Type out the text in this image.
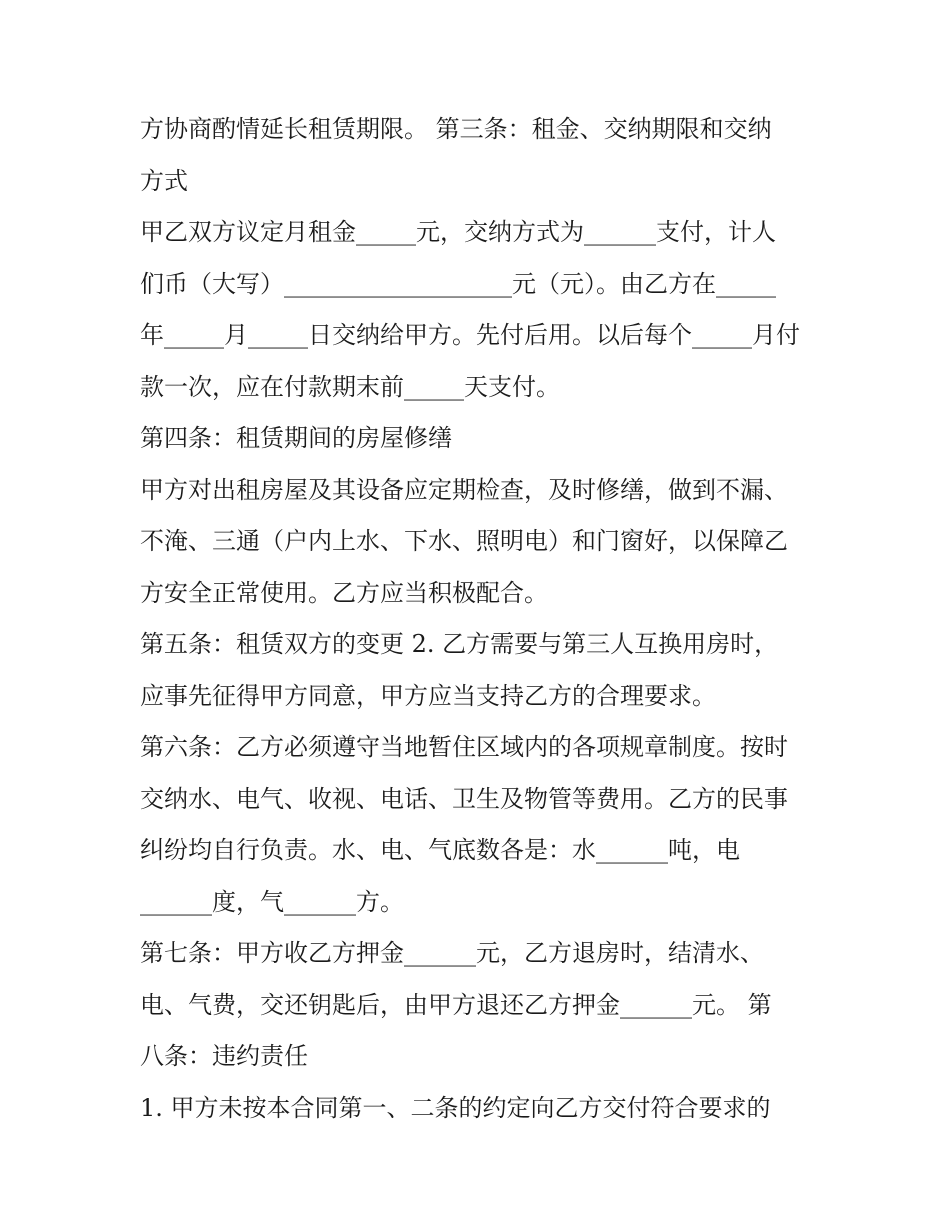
方协商酌情延长租赁期限。 第三条：租金、交纳期限和交纳
方式
甲乙双方议定月租金_____元，交纳方式为______支付，计人
们币（大写）___________________元（元）。由乙方在_____
年_____月_____日交纳给甲方。先付后用。以后每个_____月付
款一次，应在付款期末前_____天支付。
第四条：租赁期间的房屋修缮
甲方对出租房屋及其设备应定期检查，及时修缮，做到不漏、
不淹、三通（户内上水、下水、照明电）和门窗好，以保障乙
方安全正常使用。乙方应当积极配合。
第五条：租赁双方的变更 2. 乙方需要与第三人互换用房时，
应事先征得甲方同意，甲方应当支持乙方的合理要求。
第六条：乙方必须遵守当地暂住区域内的各项规章制度。按时
交纳水、电气、收视、电话、卫生及物管等费用。乙方的民事
纠纷均自行负责。水、电、气底数各是：水______吨，电
______度，气______方。
第七条：甲方收乙方押金______元，乙方退房时，结清水、
电、气费，交还钥匙后，由甲方退还乙方押金______元。 第
八条：违约责任
1. 甲方未按本合同第一、二条的约定向乙方交付符合要求的
